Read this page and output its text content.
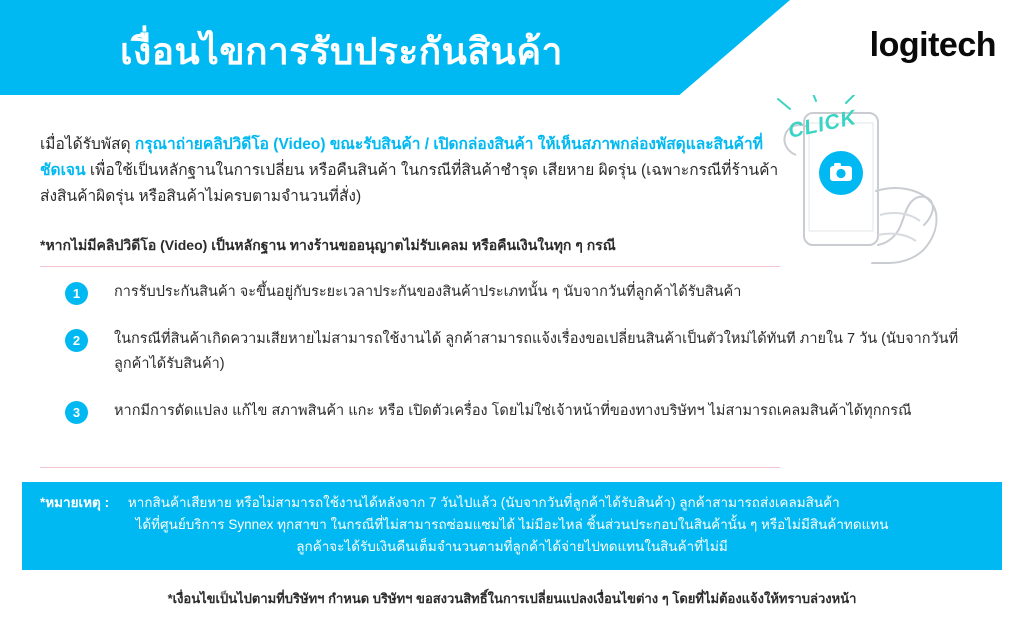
เงื่อนไขการรับประกันสินค้า	logitech
CLICK
เมื่อได้รับพัสดุ กรุณาถ่ายคลิปวิดีโอ (Video) ขณะรับสินค้า / เปิดกล่องสินค้า ให้เห็นสภาพกล่องพัสดุและสินค้าที่ชัดเจน เพื่อใช้เป็นหลักฐานในการเปลี่ยน หรือคืนสินค้า ในกรณีที่สินค้าชำรุด เสียหาย ผิดรุ่น (เฉพาะกรณีที่ร้านค้าส่งสินค้าผิดรุ่น หรือสินค้าไม่ครบตามจำนวนที่สั่ง)
*หากไม่มีคลิปวิดีโอ (Video) เป็นหลักฐาน ทางร้านขออนุญาตไม่รับเคลม หรือคืนเงินในทุก ๆ กรณี
1	การรับประกันสินค้า จะขึ้นอยู่กับระยะเวลาประกันของสินค้าประเภทนั้น ๆ นับจากวันที่ลูกค้าได้รับสินค้า
2	ในกรณีที่สินค้าเกิดความเสียหายไม่สามารถใช้งานได้ ลูกค้าสามารถแจ้งเรื่องขอเปลี่ยนสินค้าเป็นตัวใหม่ได้ทันที ภายใน 7 วัน (นับจากวันที่ลูกค้าได้รับสินค้า)
3	หากมีการดัดแปลง แก้ไข สภาพสินค้า แกะ หรือ เปิดตัวเครื่อง โดยไม่ใช่เจ้าหน้าที่ของทางบริษัทฯ ไม่สามารถเคลมสินค้าได้ทุกกรณี
*หมายเหตุ : หากสินค้าเสียหาย หรือไม่สามารถใช้งานได้หลังจาก 7 วันไปแล้ว (นับจากวันที่ลูกค้าได้รับสินค้า) ลูกค้าสามารถส่งเคลมสินค้า
ได้ที่ศูนย์บริการ Synnex ทุกสาขา ในกรณีที่ไม่สามารถซ่อมแซมได้ ไม่มีอะไหล่ ชิ้นส่วนประกอบในสินค้านั้น ๆ หรือไม่มีสินค้าทดแทน
ลูกค้าจะได้รับเงินคืนเต็มจำนวนตามที่ลูกค้าได้จ่ายไปทดแทนในสินค้าที่ไม่มี
*เงื่อนไขเป็นไปตามที่บริษัทฯ กำหนด บริษัทฯ ขอสงวนสิทธิ์ในการเปลี่ยนแปลงเงื่อนไขต่าง ๆ โดยที่ไม่ต้องแจ้งให้ทราบล่วงหน้า
